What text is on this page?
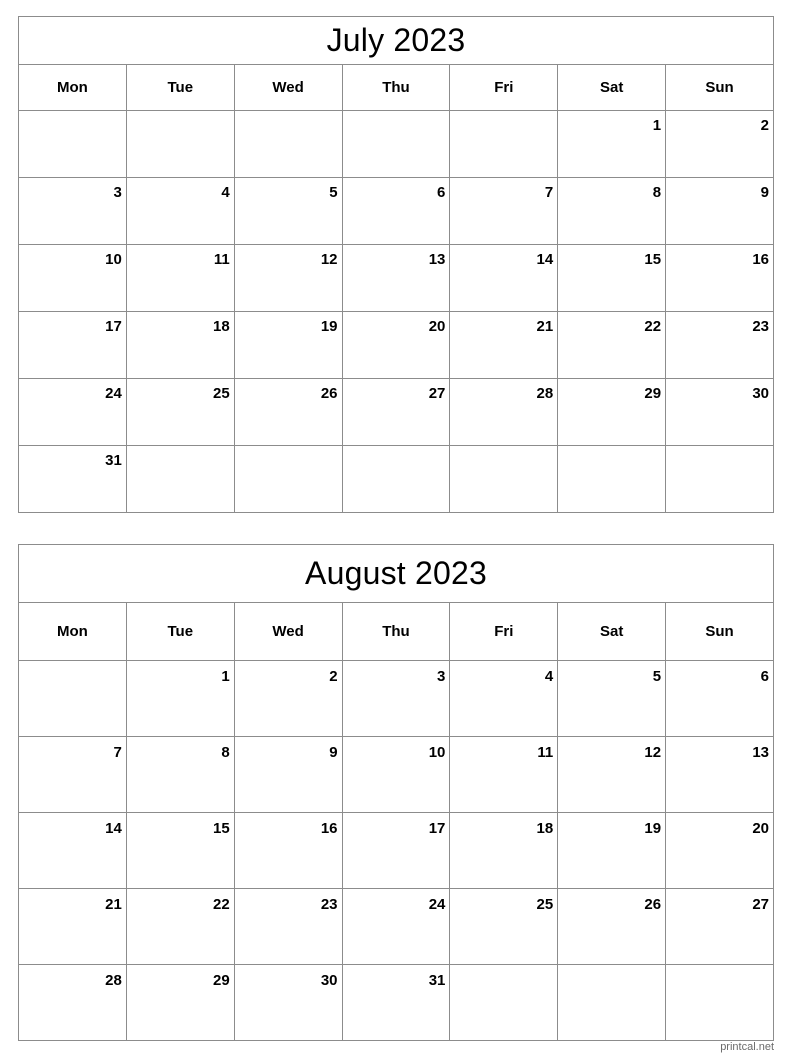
July 2023						
Mon	Tue	Wed	Thu	Fri	Sat	Sun
					1	2
3	4	5	6	7	8	9
10	11	12	13	14	15	16
17	18	19	20	21	22	23
24	25	26	27	28	29	30
31						
August 2023						
Mon	Tue	Wed	Thu	Fri	Sat	Sun
	1	2	3	4	5	6
7	8	9	10	11	12	13
14	15	16	17	18	19	20
21	22	23	24	25	26	27
28	29	30	31			
printcal.net
